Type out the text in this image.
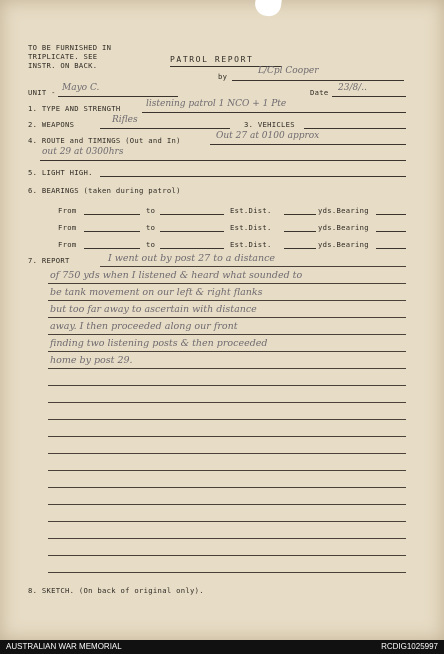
TO BE FURNISHED IN
TRIPLICATE. SEE
INSTR. ON BACK.
PATROL REPORT
by
L/Cpl Cooper
UNIT - Mayo C.	Date 23/8/..
1. TYPE AND STRENGTH	listening patrol 1 NCO + 1 Pte
2. WEAPONS	Rifles	3. VEHICLES
4. ROUTE and TIMINGS (Out and In)	Out 27 at 0100 approx
out 29 at 0300hrs
5. LIGHT HIGH.
6. BEARINGS (taken during patrol)
From	to	Est.Dist.	yds.Bearing
From	to	Est.Dist.	yds.Bearing
From	to	Est.Dist.	yds.Bearing
7. REPORT	I went out by post 27 to a distance
of 750 yds when I listened & heard what sounded to
be tank movement on our left & right flanks
but too far away to ascertain with distance
away. I then proceeded along our front
finding two listening posts & then proceeded
home by post 29.
8. SKETCH. (On back of original only).
AUSTRALIAN WAR MEMORIAL	RCDIG1025997
